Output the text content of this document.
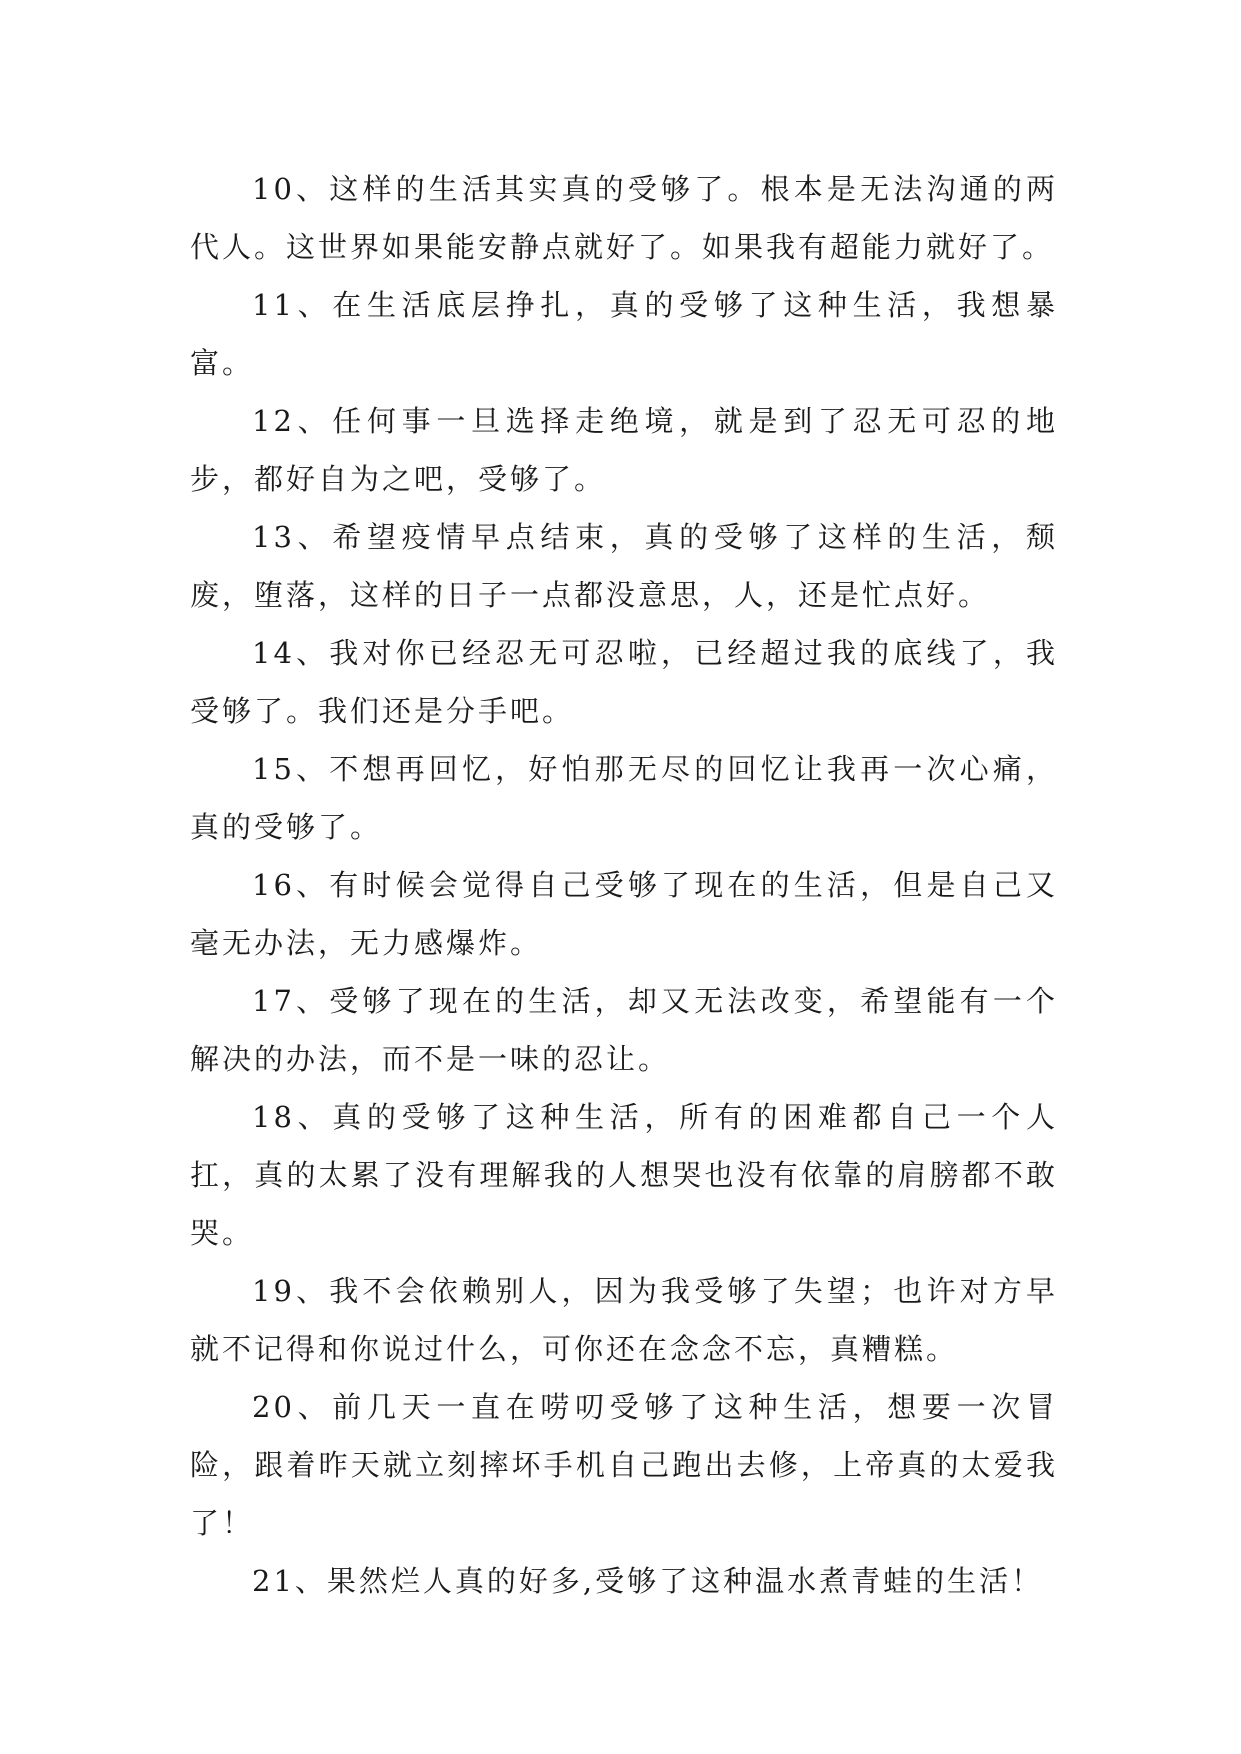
10、这样的生活其实真的受够了。根本是无法沟通的两代人。这世界如果能安静点就好了。如果我有超能力就好了。

11、在生活底层挣扎，真的受够了这种生活，我想暴富。

12、任何事一旦选择走绝境，就是到了忍无可忍的地步，都好自为之吧，受够了。

13、希望疫情早点结束，真的受够了这样的生活，颓废，堕落，这样的日子一点都没意思，人，还是忙点好。

14、我对你已经忍无可忍啦，已经超过我的底线了，我受够了。我们还是分手吧。

15、不想再回忆，好怕那无尽的回忆让我再一次心痛，真的受够了。

16、有时候会觉得自己受够了现在的生活，但是自己又毫无办法，无力感爆炸。

17、受够了现在的生活，却又无法改变，希望能有一个解决的办法，而不是一味的忍让。

18、真的受够了这种生活，所有的困难都自己一个人扛，真的太累了没有理解我的人想哭也没有依靠的肩膀都不敢哭。

19、我不会依赖别人，因为我受够了失望；也许对方早就不记得和你说过什么，可你还在念念不忘，真糟糕。

20、前几天一直在唠叨受够了这种生活，想要一次冒险，跟着昨天就立刻摔坏手机自己跑出去修，上帝真的太爱我了！

21、果然烂人真的好多,受够了这种温水煮青蛙的生活！
